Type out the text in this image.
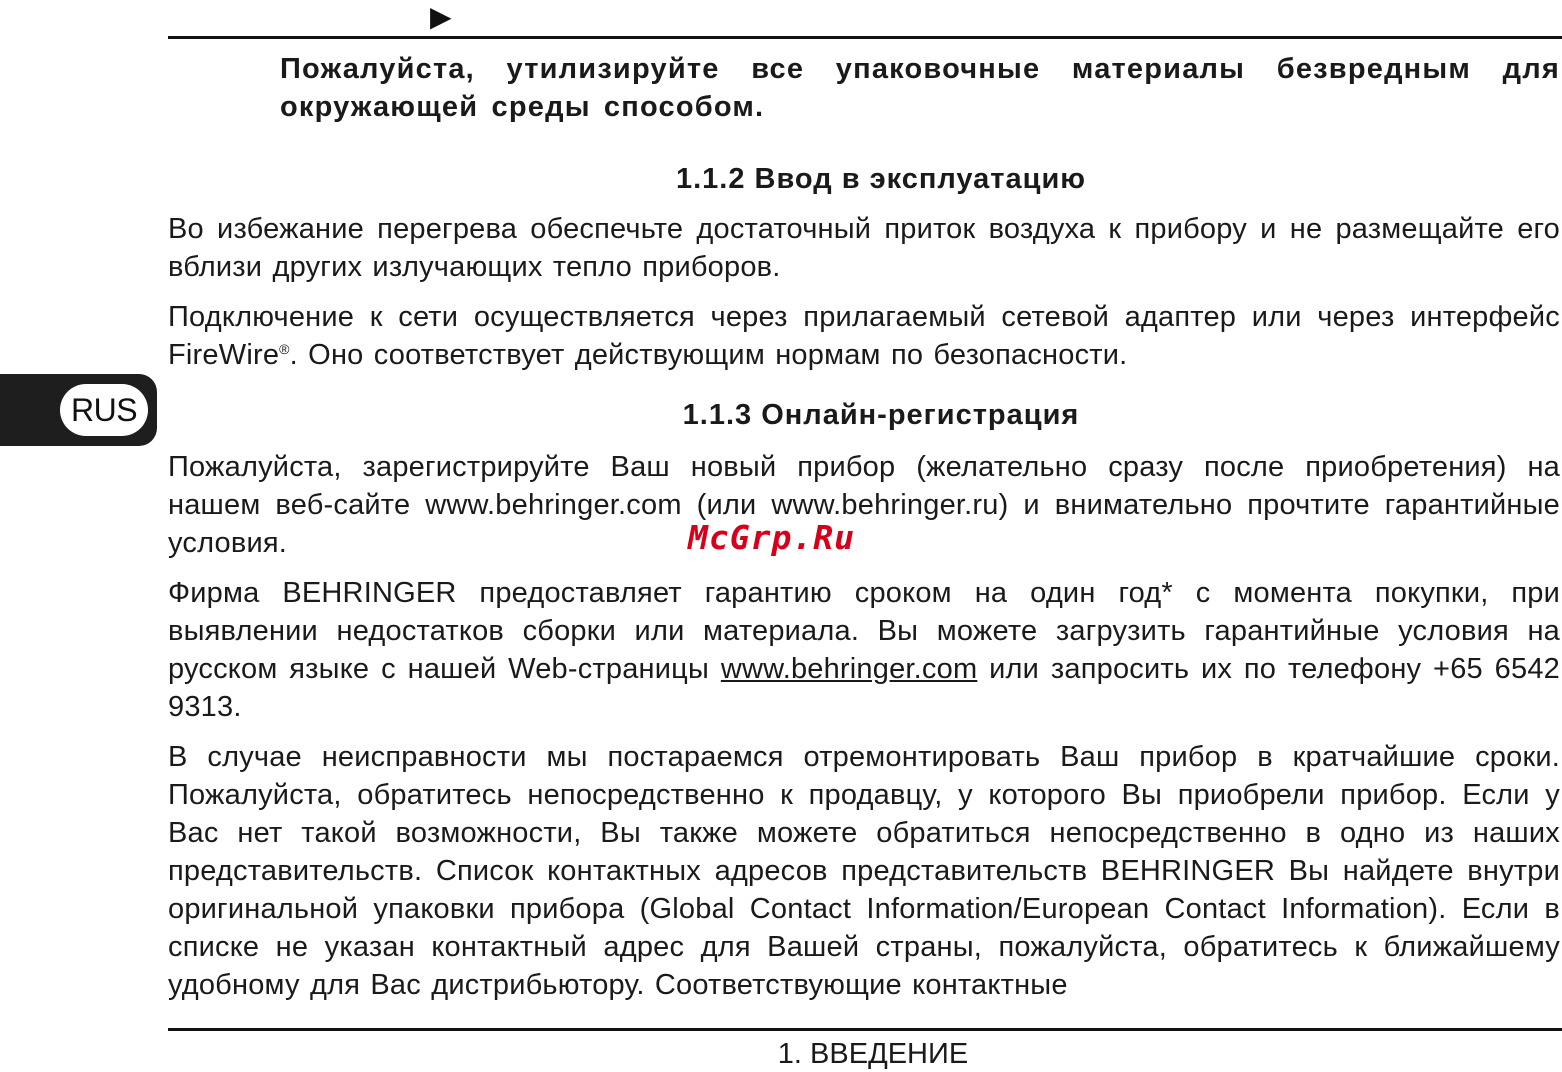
▶
Пожалуйста, утилизируйте все упаковочные материалы безвредным для окружающей среды способом.
1.1.2 Ввод в эксплуатацию
Во избежание перегрева обеспечьте достаточный приток воздуха к прибору и не размещайте его вблизи других излучающих тепло приборов.
Подключение к сети осуществляется через прилагаемый сетевой адаптер или через интерфейс FireWire®. Оно соответствует действующим нормам по безопасности.
RUS	1.1.3 Онлайн-регистрация
Пожалуйста, зарегистрируйте Ваш новый прибор (желательно сразу после приобретения) на нашем веб-сайте www.behringer.com (или www.behringer.ru) и внимательно прочтите гарантийные условия.
Фирма BEHRINGER предоставляет гарантию сроком на один год* с момента покупки, при выявлении недостатков сборки или материала. Вы можете загрузить гарантийные условия на русском языке с нашей Web-страницы www.behringer.com или запросить их по телефону +65 6542 9313.
В случае неисправности мы постараемся отремонтировать Ваш прибор в кратчайшие сроки. Пожалуйста, обратитесь непосредственно к продавцу, у которого Вы приобрели прибор. Если у Вас нет такой возможности, Вы также можете обратиться непосредственно в одно из наших представительств. Список контактных адресов представительств BEHRINGER Вы найдете внутри оригинальной упаковки прибора (Global Contact Information/European Contact Information). Если в списке не указан контактный адрес для Вашей страны, пожалуйста, обратитесь к ближайшему удобному для Вас дистрибьютору. Соответствующие контактные
McGrp.Ru
1. ВВЕДЕНИЕ
